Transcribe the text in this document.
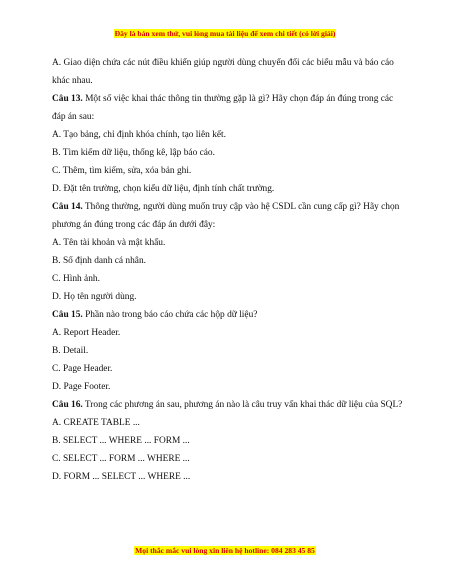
Đây là bản xem thử, vui lòng mua tài liệu để xem chi tiết (có lời giải)

A. Giao diện chứa các nút điều khiển giúp người dùng chuyển đổi các biểu mẫu và báo cáo khác nhau.

Câu 13. Một số việc khai thác thông tin thường gặp là gì? Hãy chọn đáp án đúng trong các đáp án sau:

A. Tạo bảng, chỉ định khóa chính, tạo liên kết.

B. Tìm kiếm dữ liệu, thống kê, lập báo cáo.

C. Thêm, tìm kiếm, sửa, xóa bản ghi.

D. Đặt tên trường, chọn kiểu dữ liệu, định tính chất trường.

Câu 14. Thông thường, người dùng muốn truy cập vào hệ CSDL cần cung cấp gì? Hãy chọn phương án đúng trong các đáp án dưới đây:

A. Tên tài khoản và mật khẩu.

B. Số định danh cá nhân.

C. Hình ảnh.

D. Họ tên người dùng.

Câu 15. Phần nào trong báo cáo chứa các hộp dữ liệu?

A. Report Header.

B. Detail.

C. Page Header.

D. Page Footer.

Câu 16. Trong các phương án sau, phương án nào là câu truy vấn khai thác dữ liệu của SQL?

A. CREATE TABLE ...

B. SELECT ... WHERE ... FORM ...

C. SELECT ... FORM ... WHERE ...

D. FORM ... SELECT ... WHERE ...

Mọi thắc mắc vui lòng xin liên hệ hotline: 084 283 45 85
